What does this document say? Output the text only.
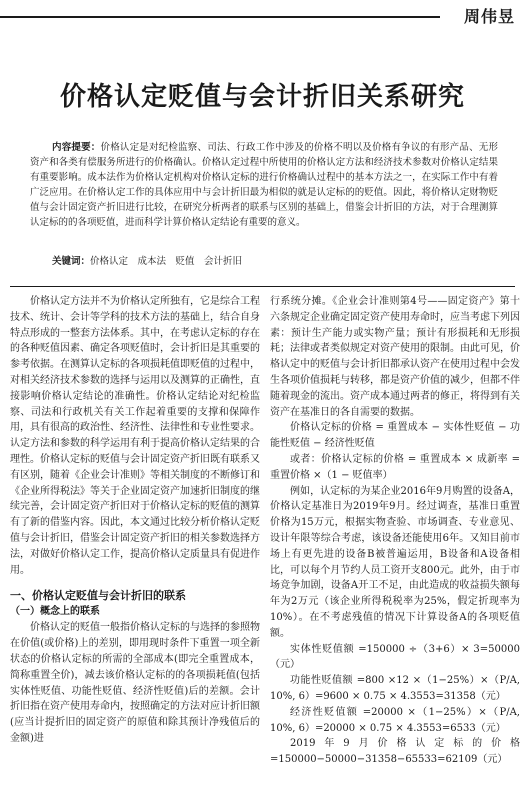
周伟昱
价格认定贬值与会计折旧关系研究

内容提要：价格认定是对纪检监察、司法、行政工作中涉及的价格不明以及价格有争议的有形产品、无形资产和各类有偿服务所进行的价格确认。价格认定过程中所使用的价格认定方法和经济技术参数对价格认定结果有重要影响。成本法作为价格认定机构对价格认定标的进行价格确认过程中的基本方法之一，在实际工作中有着广泛应用。在价格认定工作的具体应用中与会计折旧最为相似的就是认定标的的贬值。因此，将价格认定财物贬值与会计固定资产折旧进行比较，在研究分析两者的联系与区别的基础上，借鉴会计折旧的方法，对于合理测算认定标的的各项贬值，进而科学计算价格认定结论有重要的意义。

关键词：价格认定　成本法　贬值　会计折旧

价格认定方法并不为价格认定所独有，它是综合工程技术、统计、会计等学科的技术方法的基础上，结合自身特点形成的一整套方法体系。其中，在考虑认定标的存在的各种贬值因素、确定各项贬值时，会计折旧是其重要的参考依据。在测算认定标的各项损耗值即贬值的过程中，对相关经济技术参数的选择与运用以及测算的正确性，直接影响价格认定结论的准确性。价格认定结论对纪检监察、司法和行政机关有关工作起着重要的支撑和保障作用，具有很高的政治性、经济性、法律性和专业性要求。认定方法和参数的科学运用有利于提高价格认定结果的合理性。价格认定标的贬值与会计固定资产折旧既有联系又有区别，随着《企业会计准则》等相关制度的不断修订和《企业所得税法》等关于企业固定资产加速折旧制度的继续完善，会计固定资产折旧对于价格认定标的贬值的测算有了新的借鉴内容。因此，本文通过比较分析价格认定贬值与会计折旧，借鉴会计固定资产折旧的相关参数选择方法，对做好价格认定工作，提高价格认定质量具有促进作用。

一、价格认定贬值与会计折旧的联系
（一）概念上的联系

价格认定的贬值一般指价格认定标的与选择的参照物在价值(或价格)上的差别，即用现时条件下重置一项全新状态的价格认定标的所需的全部成本(即完全重置成本，简称重置全价)，减去该价格认定标的的各项损耗值(包括实体性贬值、功能性贬值、经济性贬值)后的差额。会计折旧指在资产使用寿命内，按照确定的方法对应计折旧额(应当计提折旧的固定资产的原值和除其预计净残值后的金额)进

行系统分摊。《企业会计准则第4号——固定资产》第十六条规定企业确定固定资产使用寿命时，应当考虑下列因素：预计生产能力或实物产量；预计有形损耗和无形损耗；法律或者类似规定对资产使用的限制。由此可见，价格认定中的贬值与会计折旧都承认资产在使用过程中会发生各项价值损耗与转移，都是资产价值的减少，但都不伴随着现金的流出。资产成本通过两者的修正，将得到有关资产在基准日的各自需要的数据。

价格认定标的价格 = 重置成本 − 实体性贬值 − 功能性贬值 − 经济性贬值

或者：价格认定标的价格 = 重置成本 × 成新率 = 重置价格 ×（1 − 贬值率）

例如，认定标的为某企业2016年9月购置的设备A，价格认定基准日为2019年9月。经过调查，基准日重置价格为15万元，根据实物查验、市场调查、专业意见、设计年限等综合考虑，该设备还能使用6年。又知目前市场上有更先进的设备B被普遍运用，B设备和A设备相比，可以每个月节约人员工资开支800元。此外，由于市场竞争加剧，设备A开工不足，由此造成的收益损失额每年为2万元（该企业所得税税率为25%，假定折现率为10%）。在不考虑残值的情况下计算设备A的各项贬值额。

实体性贬值额 =150000 ÷（3+6）× 3=50000（元）

功能性贬值额 =800 ×12 ×（1−25%）×（P/A, 10%, 6）=9600 × 0.75 × 4.3553=31358（元）

经济性贬值额 =20000 ×（1−25%）×（P/A, 10%, 6）=20000 × 0.75 × 4.3553=6533（元）

2019年9月价格认定标的价格 =150000−50000−31358−65533=62109（元）
